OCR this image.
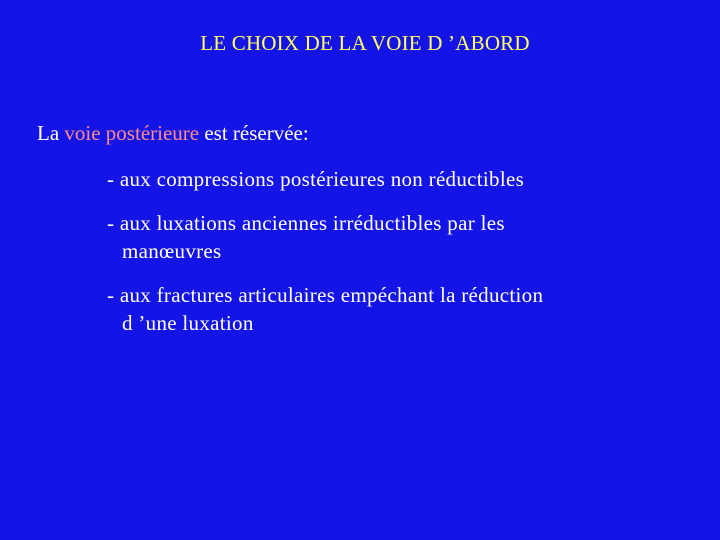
LE CHOIX DE LA VOIE D ’ABORD
La voie postérieure est réservée:
- aux compressions postérieures non réductibles
- aux luxations anciennes irréductibles par les
manœuvres
- aux fractures articulaires empéchant la réduction
d ’une luxation
